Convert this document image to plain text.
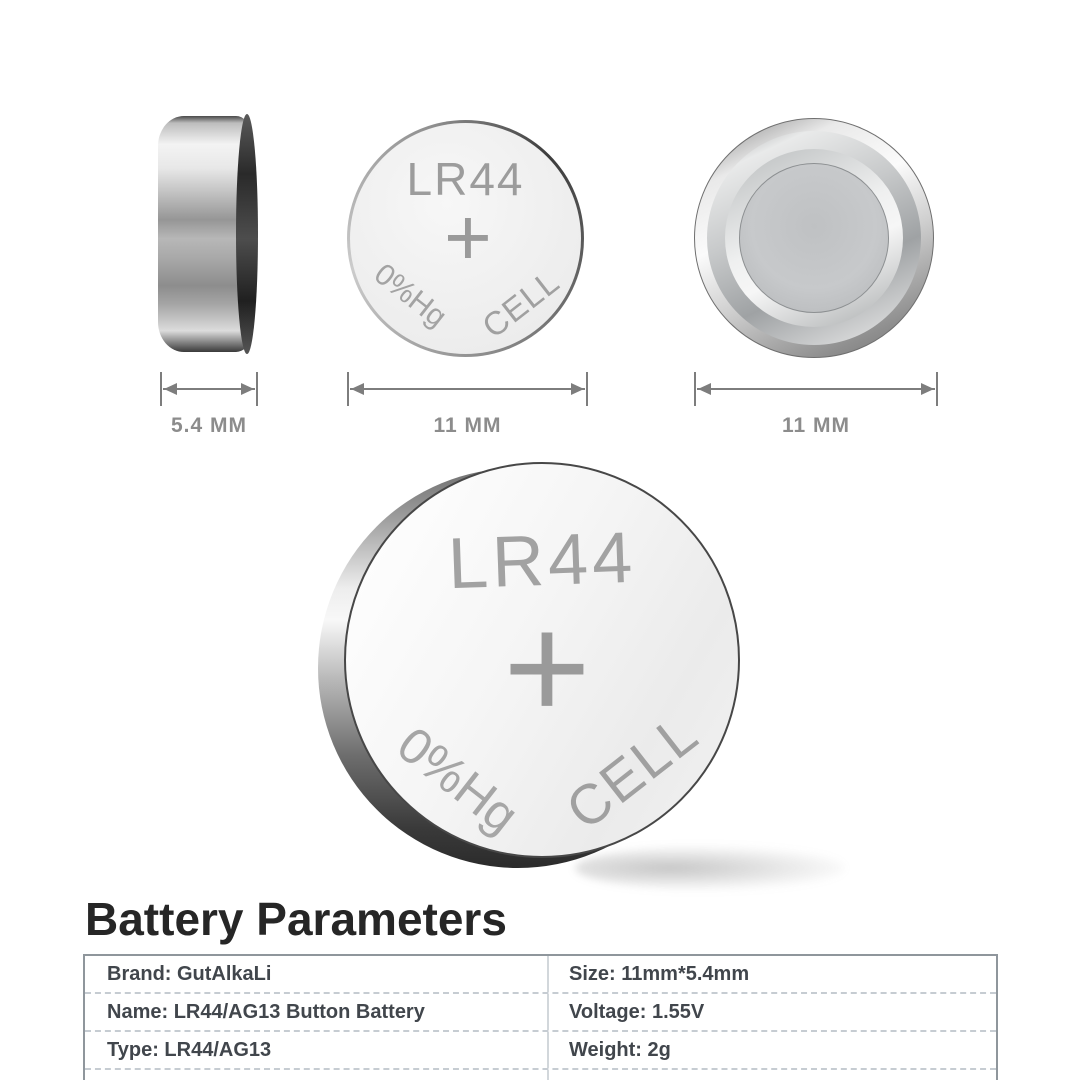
LR44
+
0%Hg CELL
5.4 MM	11 MM	11 MM
LR44
+
0%Hg CELL
Battery Parameters
Brand: GutAlkaLi	Size: 11mm*5.4mm
Name: LR44/AG13 Button Battery	Voltage: 1.55V
Type: LR44/AG13	Weight: 2g
